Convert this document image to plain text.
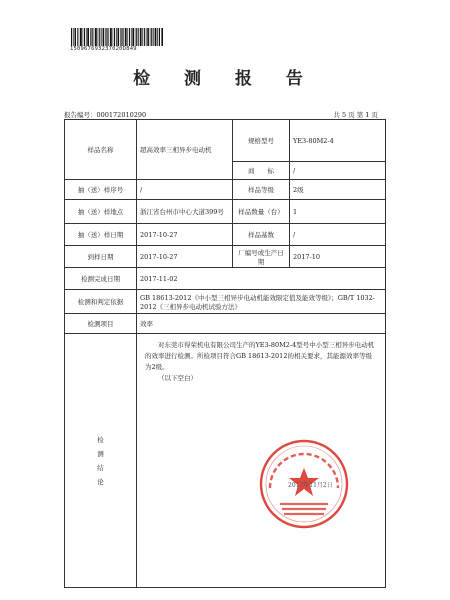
150967693237020D849
检 测 报 告
报告编号：000172010290	共 5 页 第 1 页
样品名称	超高效率三相异步电动机	规格型号	YE3-80M2-4
		商　　标	/
抽（送）样序号	/	样品等级	2级
抽（送）样地点	浙江省台州市中心大道399号	样品数量（台）	1
抽（送）样日期	2017-10-27	样品基数	/
到样日期	2017-10-27	厂编号或生产日期	2017-10
检测完成日期	2017-11-02		
检测和判定依据	GB 18613-2012《中小型三相异步电动机能效限定值及能效等级》；GB/T 1032-2012《三相异步电动机试验方法》		
检测项目	效率		
检测结论	对东莞市得荣机电有限公司生产的YE3-80M2-4型号中小型三相异步电动机的效率进行检测。所检项目符合GB 18613-2012的相关要求，其能源效率等级为2级。
（以下空白）		
2017年11月2日
